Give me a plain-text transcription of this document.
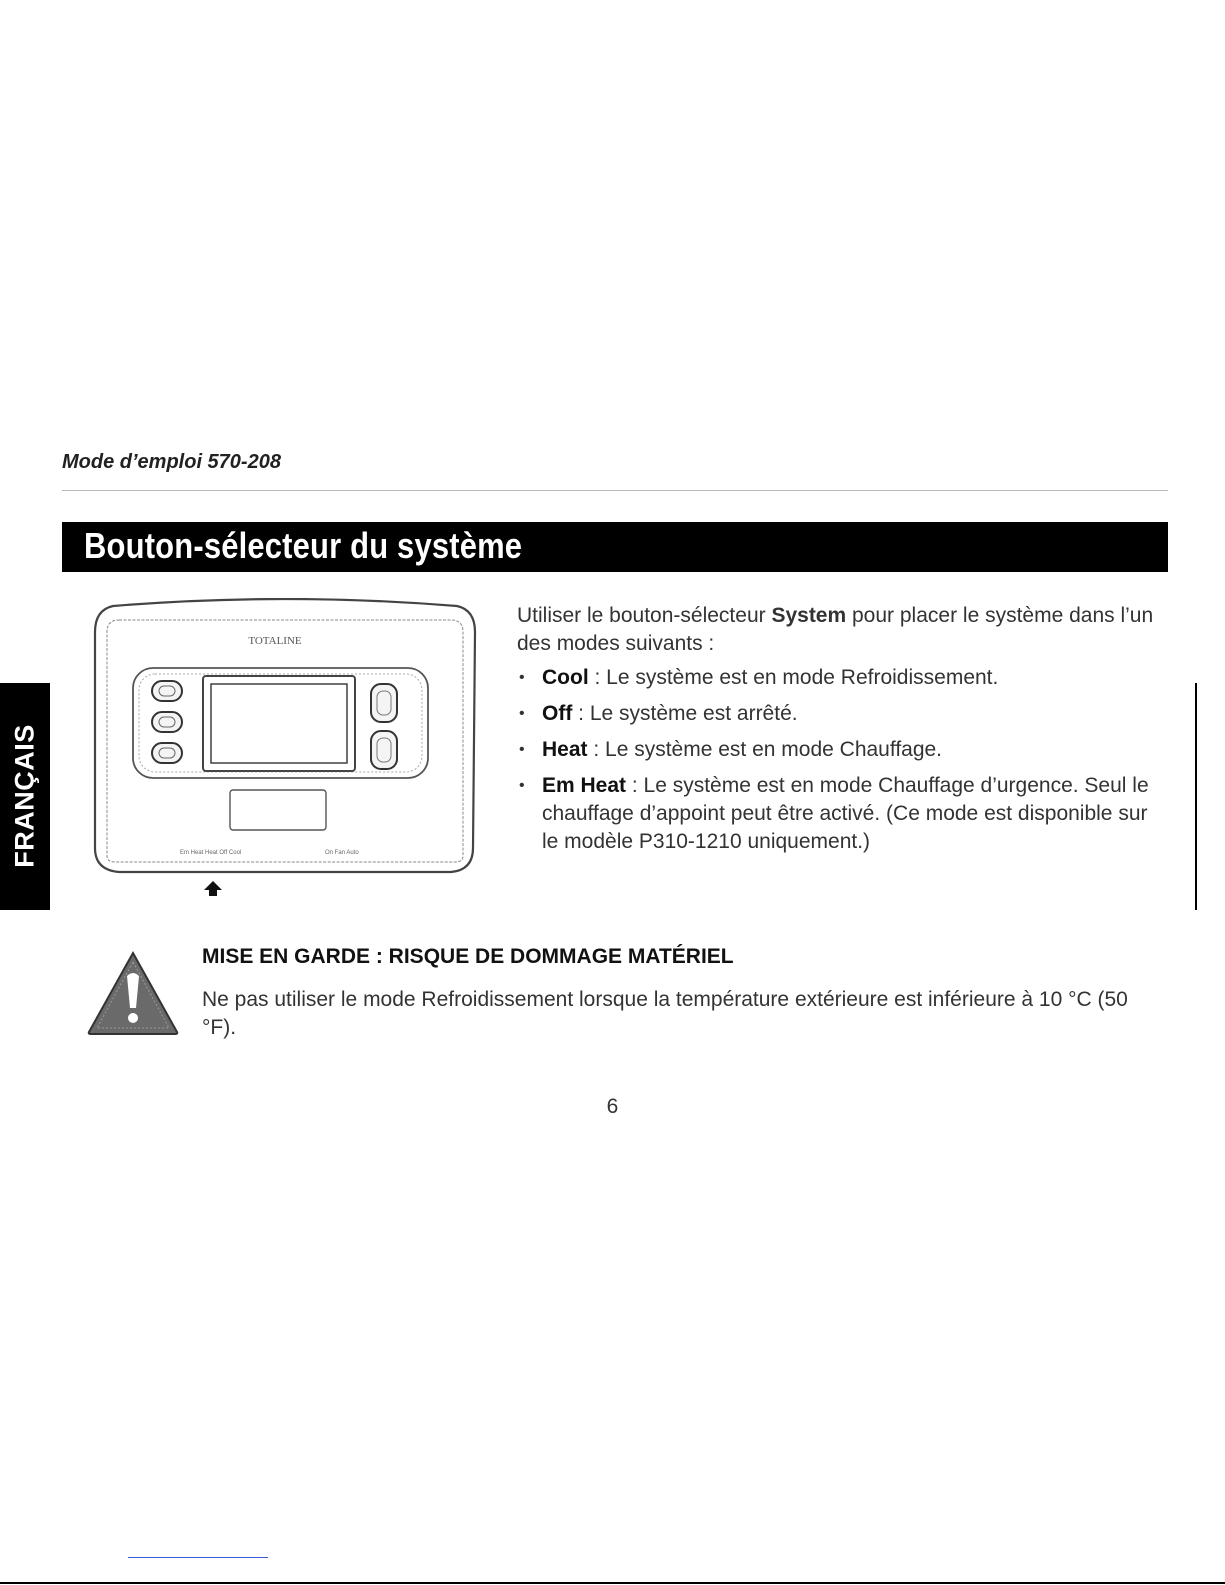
Mode d’emploi 570-208
Bouton-sélecteur du système
FRANÇAIS
TOTALINE
Em Heat Heat Off Cool	On Fan Auto
Utiliser le bouton-sélecteur System pour placer le système dans l’un des modes suivants :
• Cool : Le système est en mode Refroidissement.
• Off : Le système est arrêté.
• Heat : Le système est en mode Chauffage.
• Em Heat : Le système est en mode Chauffage d’urgence. Seul le chauffage d’appoint peut être activé. (Ce mode est disponible sur le modèle P310-1210 uniquement.)
MISE EN GARDE : RISQUE DE DOMMAGE MATÉRIEL
Ne pas utiliser le mode Refroidissement lorsque la température extérieure est inférieure à 10 °C (50 °F).
6
